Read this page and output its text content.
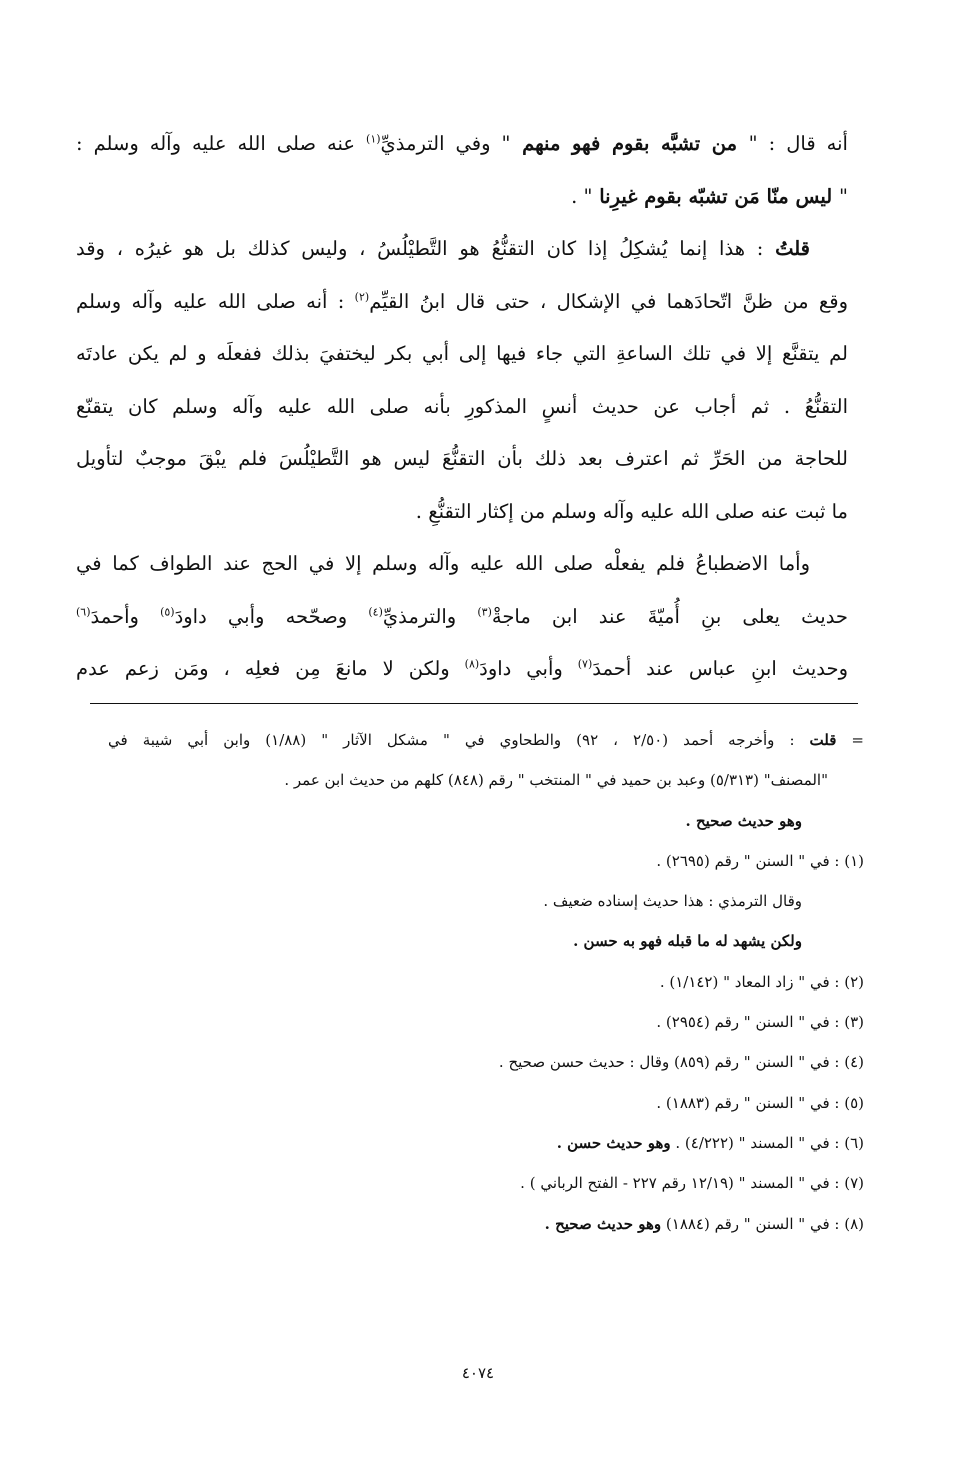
أنه قال : " من تشبَّه بقوم فهو منهم " وفي الترمذيِّ$^{(١)}$ عنه صلى الله عليه وآله وسلم :
" ليس منّا مَن تشبّه بقوم غيرِنا " .
قلتُ : هذا إنما يُشكِلُ إذا كان التقنُّعُ هو التَّطيْلُسُ ، وليس كذلك بل هو غيرُه ، وقد
وقع من ظنَّ اتّحادَهما في الإشكال ، حتى قال ابنُ القيِّم$^{(٢)}$ : أنه صلى الله عليه وآله وسلم
لم يتقنَّع إلا في تلك الساعةِ التي جاء فيها إلى أبي بكر ليختفيَ بذلك ففعلَه و لم يكن عادتَه
التقنُّعُ . ثم أجاب عن حديث أنسٍ المذكورِ بأنه صلى الله عليه وآله وسلم كان يتقنّع
للحاجة من الحَرِّ ثم اعترف بعد ذلك بأن التقنُّعَ ليس هو التَّطيْلُسَ فلم يبْقَ موجبٌ لتأويل
ما ثبت عنه صلى الله عليه وآله وسلم من إكثار التقنُّعِ .
وأما الاضطباعُ فلم يفعلْه صلى الله عليه وآله وسلم إلا في الحج عند الطواف كما في
حديث يعلى بنِ أُميّةَ عند ابن ماجةْ$^{(٣)}$ والترمذيِّ$^{(٤)}$ وصحّحه وأبي داودَ$^{(٥)}$ وأحمدَ$^{(٦)}$
وحديث ابنِ عباس عند أحمدَ$^{(٧)}$ وأبي داودَ$^{(٨)}$ ولكن لا مانعَ مِن فعلِه ، ومَن زعم عدم
= قلت : وأخرجه أحمد (٢/٥٠ ، ٩٢) والطحاوي في " مشكل الآثار " (١/٨٨) وابن أبي شيبة في
"المصنف" (٥/٣١٣) وعبد بن حميد في " المنتخب " رقم (٨٤٨) كلهم من حديث ابن عمر .
وهو حديث صحيح .
(١) : في " السنن " رقم (٢٦٩٥) .
وقال الترمذي : هذا حديث إسناده ضعيف .
ولكن يشهد له ما قبله فهو به حسن .
(٢) : في " زاد المعاد " (١/١٤٢) .
(٣) : في " السنن " رقم (٢٩٥٤) .
(٤) : في " السنن " رقم (٨٥٩) وقال : حديث حسن صحيح .
(٥) : في " السنن " رقم (١٨٨٣) .
(٦) : في " المسند " (٤/٢٢٢) . وهو حديث حسن .
(٧) : في " المسند " (١٢/١٩ رقم ٢٢٧ - الفتح الرباني ) .
(٨) : في " السنن " رقم (١٨٨٤) وهو حديث صحيح .
٤٠٧٤
